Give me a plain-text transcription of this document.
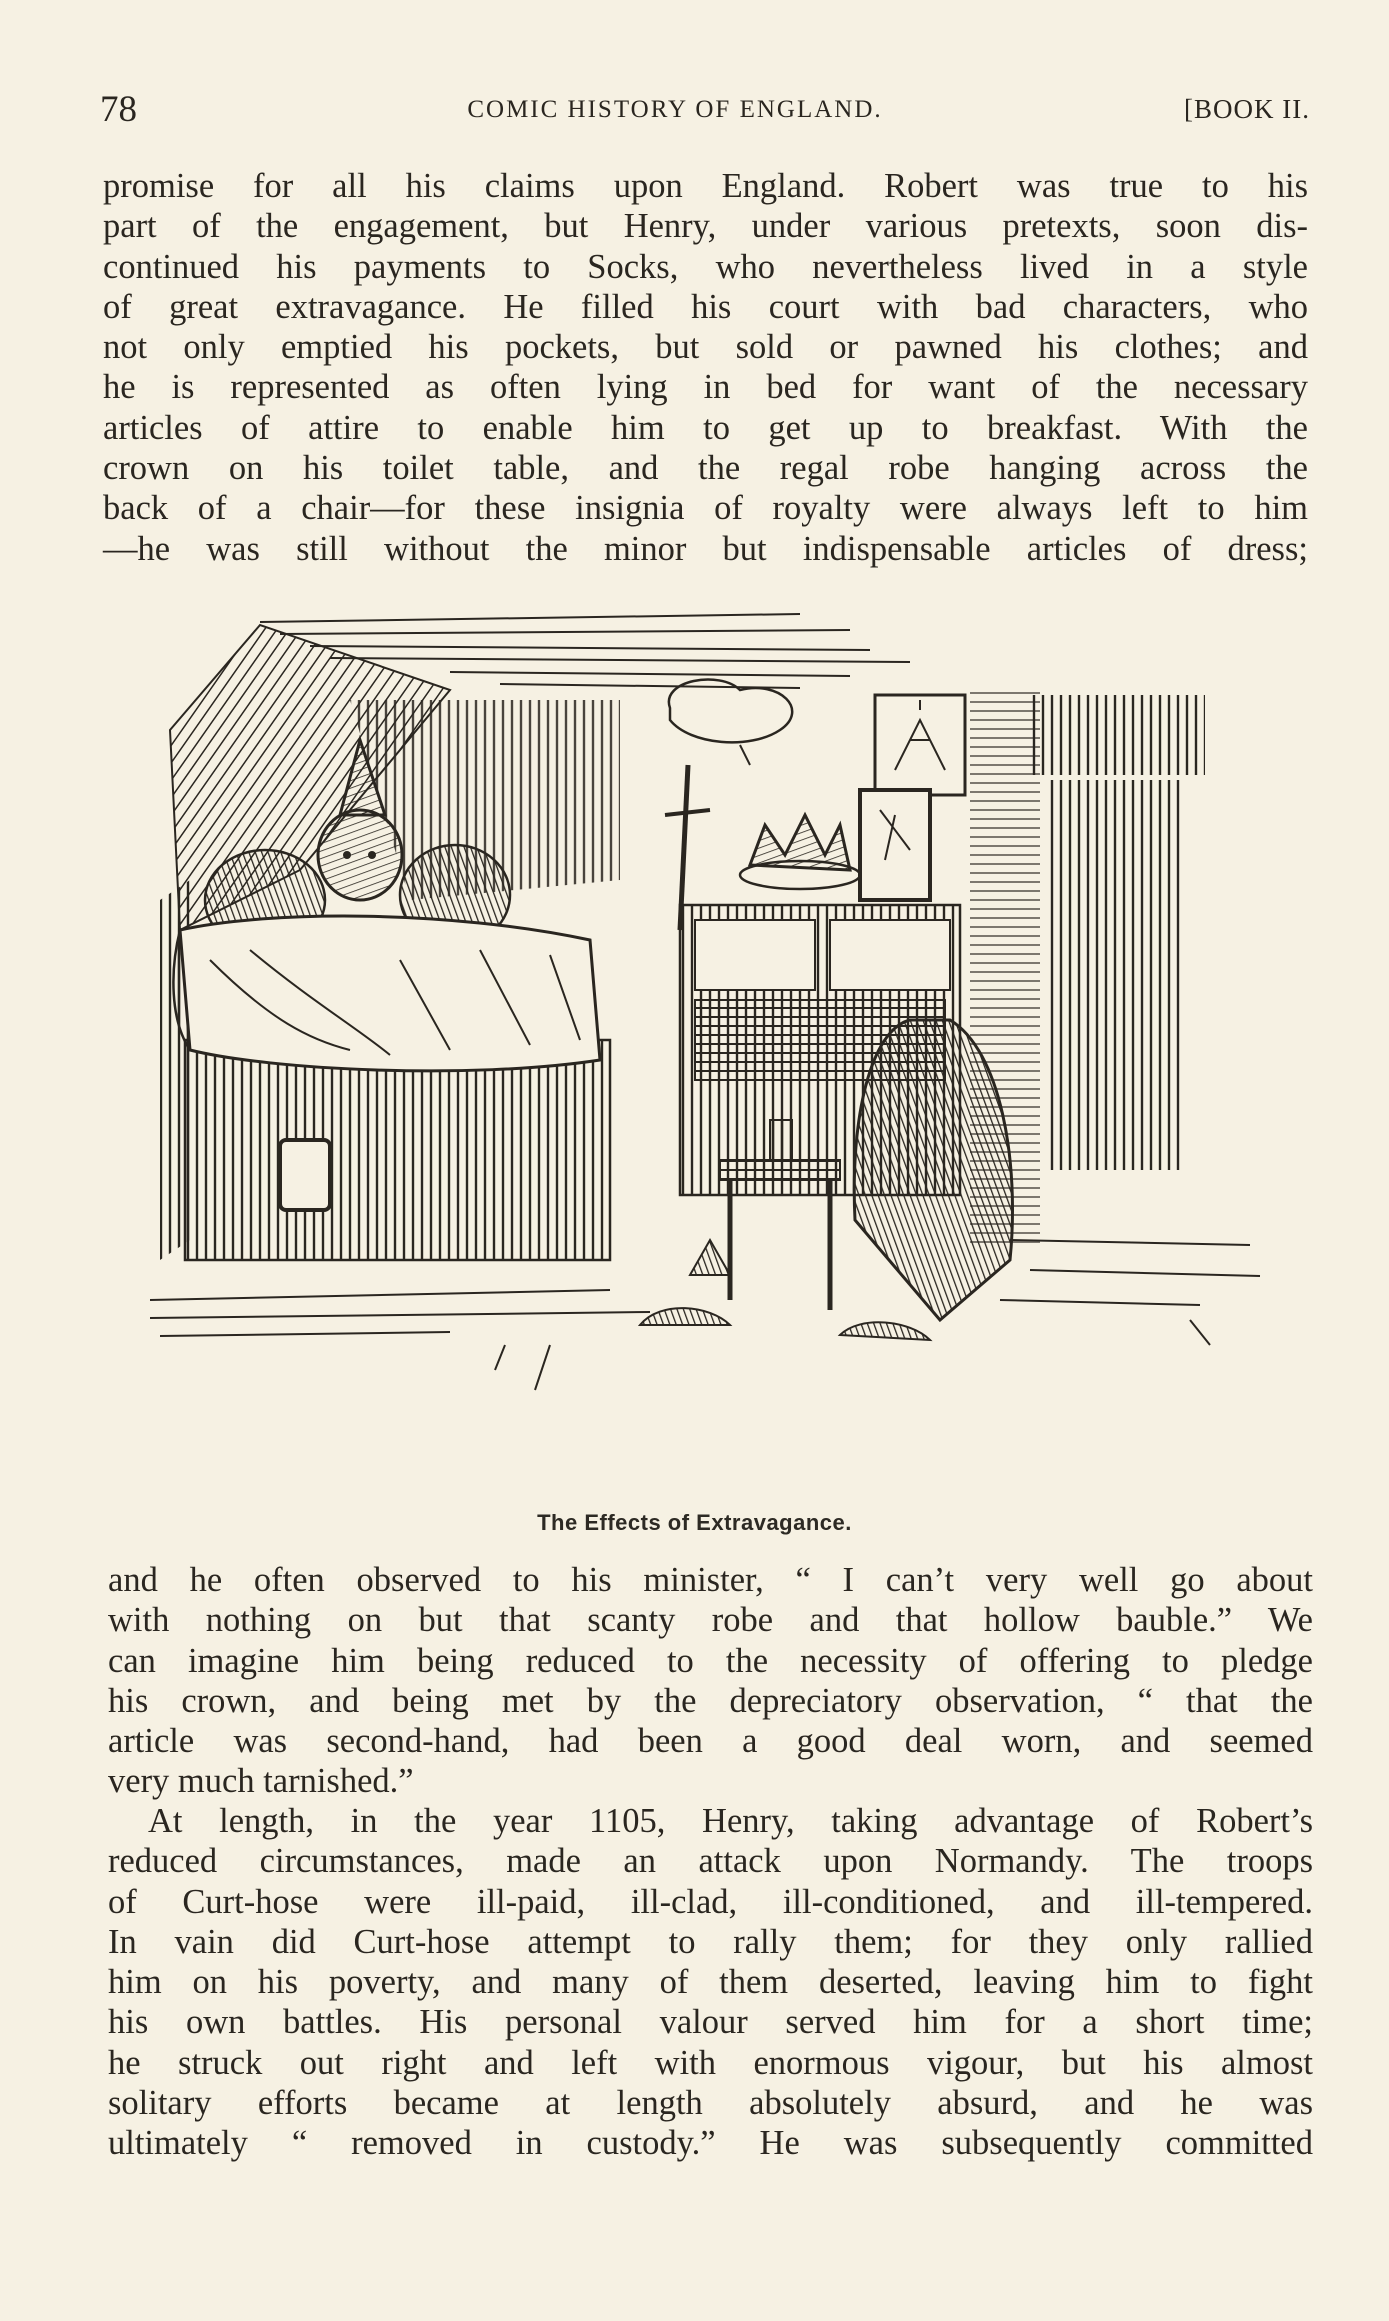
78	COMIC HISTORY OF ENGLAND.	[BOOK II.
promise for all his claims upon England. Robert was true to his
part of the engagement, but Henry, under various pretexts, soon dis-
continued his payments to Socks, who nevertheless lived in a style
of great extravagance. He filled his court with bad characters, who
not only emptied his pockets, but sold or pawned his clothes; and
he is represented as often lying in bed for want of the necessary
articles of attire to enable him to get up to breakfast. With the
crown on his toilet table, and the regal robe hanging across the
back of a chair—for these insignia of royalty were always left to him
—he was still without the minor but indispensable articles of dress;
The Effects of Extravagance.
and he often observed to his minister, “ I can’t very well go about
with nothing on but that scanty robe and that hollow bauble.” We
can imagine him being reduced to the necessity of offering to pledge
his crown, and being met by the depreciatory observation, “ that the
article was second-hand, had been a good deal worn, and seemed
very much tarnished.”
At length, in the year 1105, Henry, taking advantage of Robert’s
reduced circumstances, made an attack upon Normandy. The troops
of Curt-hose were ill-paid, ill-clad, ill-conditioned, and ill-tempered.
In vain did Curt-hose attempt to rally them; for they only rallied
him on his poverty, and many of them deserted, leaving him to fight
his own battles. His personal valour served him for a short time;
he struck out right and left with enormous vigour, but his almost
solitary efforts became at length absolutely absurd, and he was
ultimately “ removed in custody.” He was subsequently committed
